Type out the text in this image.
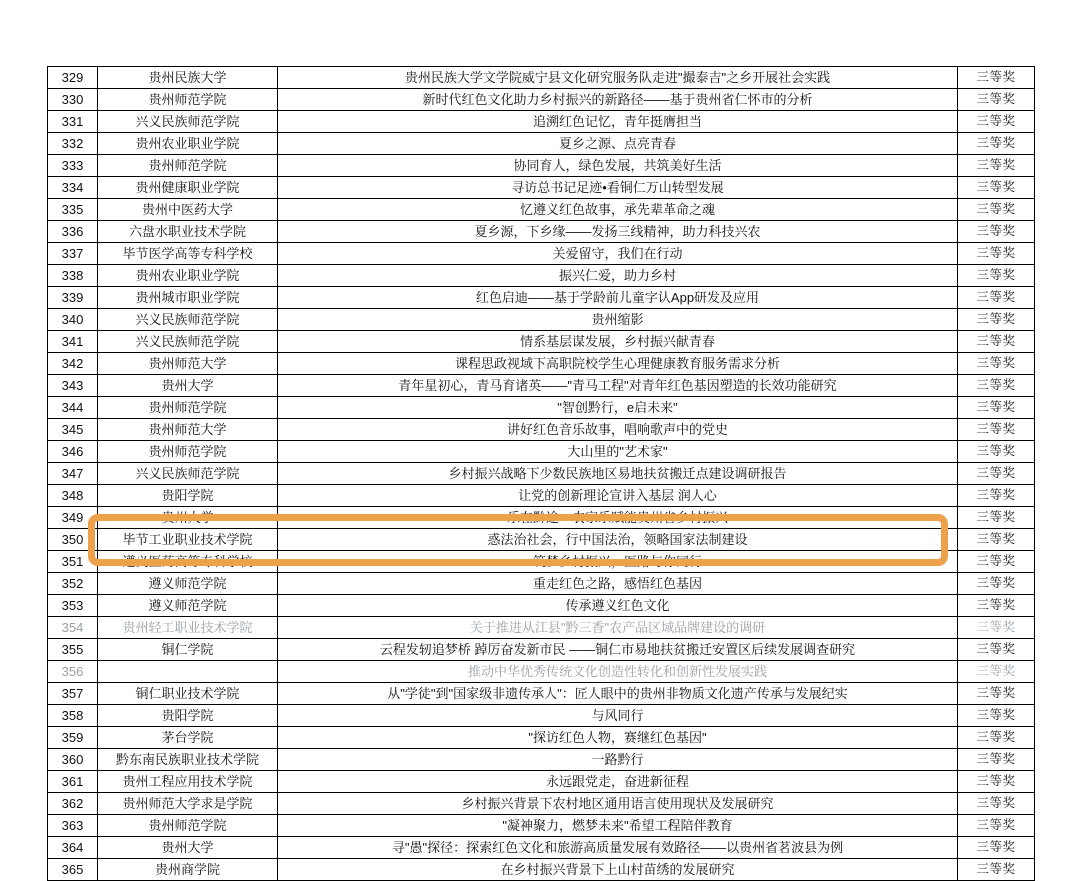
329	贵州民族大学	贵州民族大学文学院威宁县文化研究服务队走进"撮泰吉"之乡开展社会实践	三等奖
330	贵州师范学院	新时代红色文化助力乡村振兴的新路径——基于贵州省仁怀市的分析	三等奖
331	兴义民族师范学院	追溯红色记忆，青年挺膺担当	三等奖
332	贵州农业职业学院	夏乡之源、点亮青春	三等奖
333	贵州师范学院	协同育人，绿色发展，共筑美好生活	三等奖
334	贵州健康职业学院	寻访总书记足迹•看铜仁万山转型发展	三等奖
335	贵州中医药大学	忆遵义红色故事，承先辈革命之魂	三等奖
336	六盘水职业技术学院	夏乡源，下乡缘——发扬三线精神，助力科技兴农	三等奖
337	毕节医学高等专科学校	关爱留守，我们在行动	三等奖
338	贵州农业职业学院	振兴仁爱，助力乡村	三等奖
339	贵州城市职业学院	红色启迪——基于学龄前儿童字认App研发及应用	三等奖
340	兴义民族师范学院	贵州缩影	三等奖
341	兴义民族师范学院	情系基层谋发展，乡村振兴献青春	三等奖
342	贵州师范大学	课程思政视域下高职院校学生心理健康教育服务需求分析	三等奖
343	贵州大学	青年星初心，青马育诸英——"青马工程"对青年红色基因塑造的长效功能研究	三等奖
344	贵州师范学院	"智创黔行，e启未来"	三等奖
345	贵州师范大学	讲好红色音乐故事，唱响歌声中的党史	三等奖
346	贵州师范学院	大山里的"艺术家"	三等奖
347	兴义民族师范学院	乡村振兴战略下少数民族地区易地扶贫搬迁点建设调研报告	三等奖
348	贵阳学院	让党的创新理论宣讲入基层 润人心	三等奖
349	贵州大学	乐在黔途一农家乐赋能贵州省乡村振兴	三等奖
350	毕节工业职业技术学院	惑法治社会，行中国法治，领略国家法制建设	三等奖
351	遵义医药高等专科学校	筑梦乡村振兴，医路与你同行	三等奖
352	遵义师范学院	重走红色之路，感悟红色基因	三等奖
353	遵义师范学院	传承遵义红色文化	三等奖
354	贵州轻工职业技术学院	关于推进从江县"黔三香"农产品区域品牌建设的调研	三等奖
355	铜仁学院	云程发轫追梦桥 踔厉奋发新市民 ——铜仁市易地扶贫搬迁安置区后续发展调查研究	三等奖
356		推动中华优秀传统文化创造性转化和创新性发展实践	三等奖
357	铜仁职业技术学院	从"学徒"到"国家级非遗传承人"：匠人眼中的贵州非物质文化遗产传承与发展纪实	三等奖
358	贵阳学院	与风同行	三等奖
359	茅台学院	"探访红色人物，赛继红色基因"	三等奖
360	黔东南民族职业技术学院	一路黔行	三等奖
361	贵州工程应用技术学院	永远跟党走，奋进新征程	三等奖
362	贵州师范大学求是学院	乡村振兴背景下农村地区通用语言使用现状及发展研究	三等奖
363	贵州师范学院	"凝神聚力，燃梦未来"希望工程陪伴教育	三等奖
364	贵州大学	寻"愚"探径：探索红色文化和旅游高质量发展有效路径——以贵州省茗波县为例	三等奖
365	贵州商学院	在乡村振兴背景下上山村苗绣的发展研究	三等奖
